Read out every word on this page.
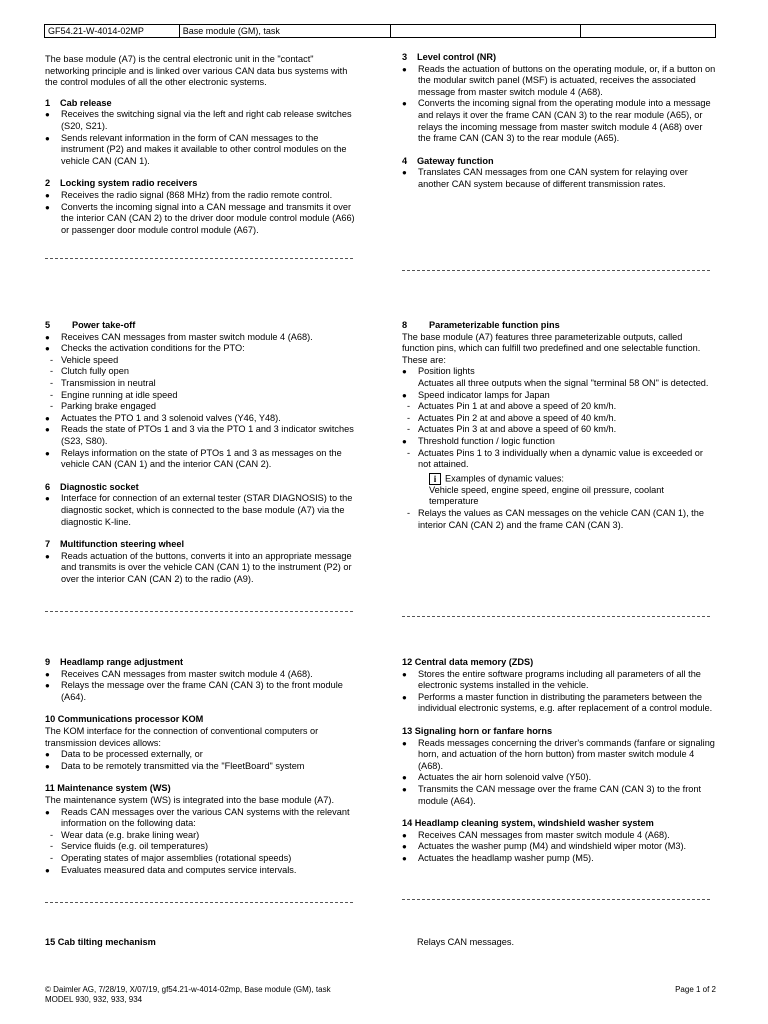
GF54.21-W-4014-02MP	Base module (GM), task

The base module (A7) is the central electronic unit in the "contact" networking principle and is linked over various CAN data bus systems with the control modules of all the other electronic systems.

1 Cab release
● Receives the switching signal via the left and right cab release switches (S20, S21).
● Sends relevant information in the form of CAN messages to the instrument (P2) and makes it available to other control modules on the vehicle CAN (CAN 1).
2 Locking system radio receivers
● Receives the radio signal (868 MHz) from the radio remote control.
● Converts the incoming signal into a CAN message and transmits it over the interior CAN (CAN 2) to the driver door module control module (A66) or passenger door module control module (A67).
3 Level control (NR)
● Reads the actuation of buttons on the operating module, or, if a button on the modular switch panel (MSF) is actuated, receives the associated message from master switch module 4 (A68).
● Converts the incoming signal from the operating module into a message and relays it over the frame CAN (CAN 3) to the rear module (A65), or relays the incoming message from master switch module 4 (A68) over the frame CAN (CAN 3) to the rear module (A65).
4 Gateway function
● Translates CAN messages from one CAN system for relaying over another CAN system because of different transmission rates.
5 Power take-off
● Receives CAN messages from master switch module 4 (A68).
● Checks the activation conditions for the PTO:
- Vehicle speed
- Clutch fully open
- Transmission in neutral
- Engine running at idle speed
- Parking brake engaged
● Actuates the PTO 1 and 3 solenoid valves (Y46, Y48).
● Reads the state of PTOs 1 and 3 via the PTO 1 and 3 indicator switches (S23, S80).
● Relays information on the state of PTOs 1 and 3 as messages on the vehicle CAN (CAN 1) and the interior CAN (CAN 2).
6 Diagnostic socket
● Interface for connection of an external tester (STAR DIAGNOSIS) to the diagnostic socket, which is connected to the base module (A7) via the diagnostic K-line.
7 Multifunction steering wheel
● Reads actuation of the buttons, converts it into an appropriate message and transmits is over the vehicle CAN (CAN 1) to the instrument (P2) or over the interior CAN (CAN 2) to the radio (A9).
8 Parameterizable function pins

The base module (A7) features three parameterizable outputs, called function pins, which can fulfill two predefined and one selectable function. These are:

● Position lights
Actuates all three outputs when the signal "terminal 58 ON" is detected.
● Speed indicator lamps for Japan
- Actuates Pin 1 at and above a speed of 20 km/h.
- Actuates Pin 2 at and above a speed of 40 km/h.
- Actuates Pin 3 at and above a speed of 60 km/h.
● Threshold function / logic function
- Actuates Pins 1 to 3 individually when a dynamic value is exceeded or not attained.
i Examples of dynamic values:
Vehicle speed, engine speed, engine oil pressure, coolant temperature
- Relays the values as CAN messages on the vehicle CAN (CAN 1), the interior CAN (CAN 2) and the frame CAN (CAN 3).
9 Headlamp range adjustment
● Receives CAN messages from master switch module 4 (A68).
● Relays the message over the frame CAN (CAN 3) to the front module (A64).
10 Communications processor KOM

The KOM interface for the connection of conventional computers or transmission devices allows:

● Data to be processed externally, or
● Data to be remotely transmitted via the "FleetBoard" system
11 Maintenance system (WS)

The maintenance system (WS) is integrated into the base module (A7).

● Reads CAN messages over the various CAN systems with the relevant information on the following data:
- Wear data (e.g. brake lining wear)
- Service fluids (e.g. oil temperatures)
- Operating states of major assemblies (rotational speeds)
● Evaluates measured data and computes service intervals.
12 Central data memory (ZDS)
● Stores the entire software programs including all parameters of all the electronic systems installed in the vehicle.
● Performs a master function in distributing the parameters between the individual electronic systems, e.g. after replacement of a control module.
13 Signaling horn or fanfare horns
● Reads messages concerning the driver's commands (fanfare or signaling horn, and actuation of the horn button) from master switch module 4 (A68).
● Actuates the air horn solenoid valve (Y50).
● Transmits the CAN message over the frame CAN (CAN 3) to the front module (A64).
14 Headlamp cleaning system, windshield washer system
● Receives CAN messages from master switch module 4 (A68).
● Actuates the washer pump (M4) and windshield wiper motor (M3).
● Actuates the headlamp washer pump (M5).
15 Cab tilting mechanism	Relays CAN messages.
© Daimler AG, 7/28/19, X/07/19, gf54.21-w-4014-02mp, Base module (GM), task
MODEL 930, 932, 933, 934
Page 1 of 2
